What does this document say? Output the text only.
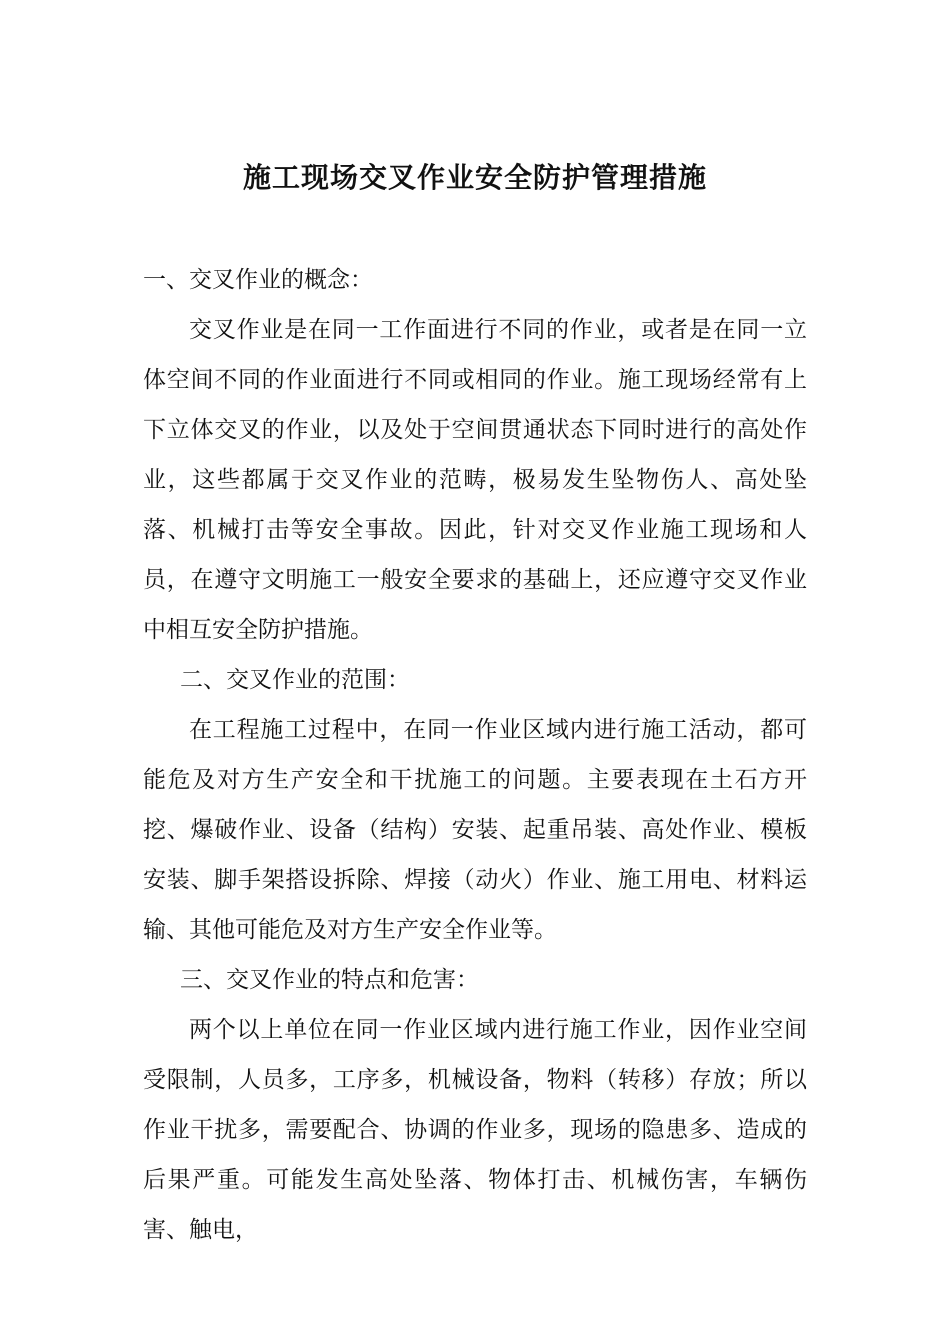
施工现场交叉作业安全防护管理措施

一、交叉作业的概念：

交叉作业是在同一工作面进行不同的作业，或者是在同一立体空间不同的作业面进行不同或相同的作业。施工现场经常有上下立体交叉的作业，以及处于空间贯通状态下同时进行的高处作业，这些都属于交叉作业的范畴，极易发生坠物伤人、高处坠落、机械打击等安全事故。因此，针对交叉作业施工现场和人员，在遵守文明施工一般安全要求的基础上，还应遵守交叉作业中相互安全防护措施。

二、交叉作业的范围：

在工程施工过程中，在同一作业区域内进行施工活动，都可能危及对方生产安全和干扰施工的问题。主要表现在土石方开挖、爆破作业、设备（结构）安装、起重吊装、高处作业、模板安装、脚手架搭设拆除、焊接（动火）作业、施工用电、材料运输、其他可能危及对方生产安全作业等。

三、交叉作业的特点和危害：

两个以上单位在同一作业区域内进行施工作业，因作业空间受限制，人员多，工序多，机械设备，物料（转移）存放；所以作业干扰多，需要配合、协调的作业多，现场的隐患多、造成的后果严重。可能发生高处坠落、物体打击、机械伤害，车辆伤害、触电，
